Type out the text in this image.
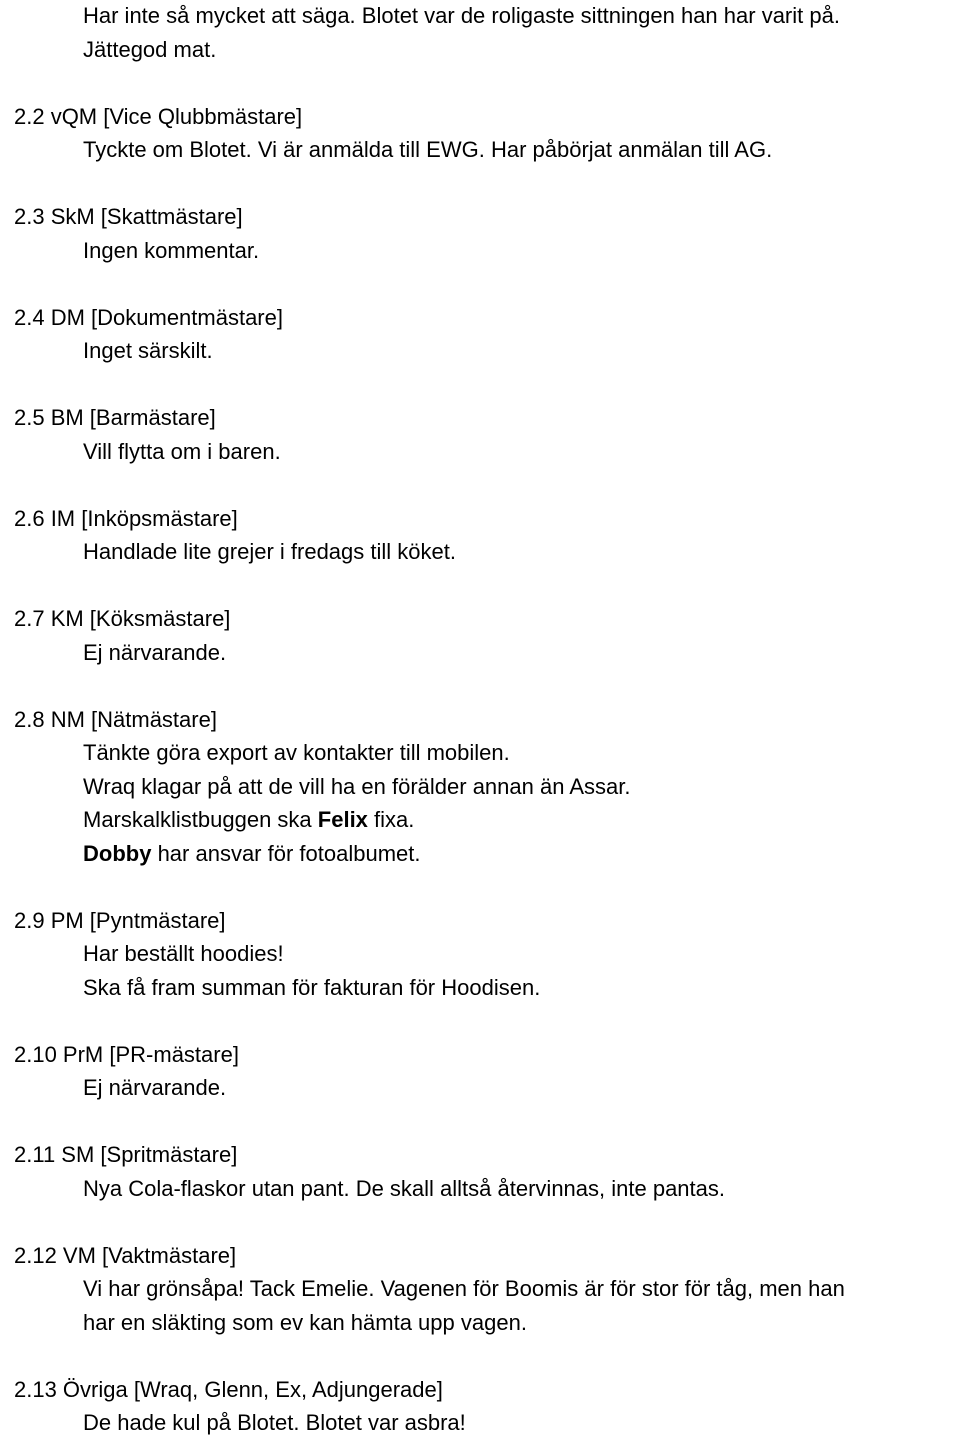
Har inte så mycket att säga. Blotet var de roligaste sittningen han har varit på.
Jättegod mat.
2.2 vQM [Vice Qlubbmästare]
Tyckte om Blotet. Vi är anmälda till EWG. Har påbörjat anmälan till AG.
2.3 SkM [Skattmästare]
Ingen kommentar.
2.4 DM [Dokumentmästare]
Inget särskilt.
2.5 BM [Barmästare]
Vill flytta om i baren.
2.6 IM [Inköpsmästare]
Handlade lite grejer i fredags till köket.
2.7 KM [Köksmästare]
Ej närvarande.
2.8 NM [Nätmästare]
Tänkte göra export av kontakter till mobilen.
Wraq klagar på att de vill ha en förälder annan än Assar.
Marskalklistbuggen ska Felix fixa.
Dobby har ansvar för fotoalbumet.
2.9 PM [Pyntmästare]
Har beställt hoodies!
Ska få fram summan för fakturan för Hoodisen.
2.10 PrM [PR-mästare]
Ej närvarande.
2.11 SM [Spritmästare]
Nya Cola-flaskor utan pant. De skall alltså återvinnas, inte pantas.
2.12 VM [Vaktmästare]
Vi har grönsåpa! Tack Emelie. Vagenen för Boomis är för stor för tåg, men han
har en släkting som ev kan hämta upp vagen.
2.13 Övriga [Wraq, Glenn, Ex, Adjungerade]
De hade kul på Blotet. Blotet var asbra!
